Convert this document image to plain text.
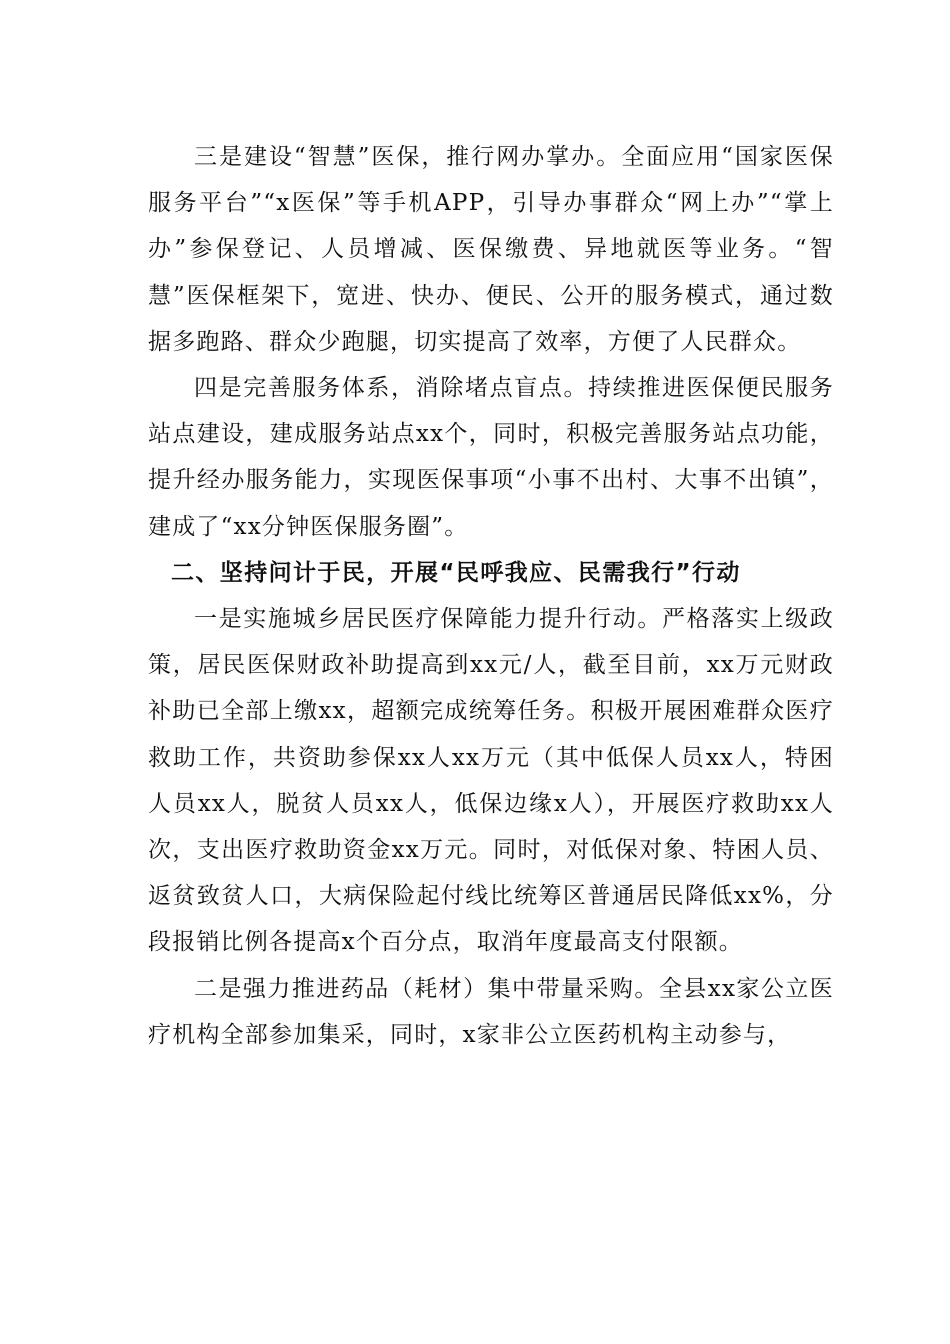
三是建设“智慧”医保，推行网办掌办。全面应用“国家医保服务平台”“x医保”等手机APP，引导办事群众“网上办”“掌上办”参保登记、人员增减、医保缴费、异地就医等业务。“智慧”医保框架下，宽进、快办、便民、公开的服务模式，通过数据多跑路、群众少跑腿，切实提高了效率，方便了人民群众。

四是完善服务体系，消除堵点盲点。持续推进医保便民服务站点建设，建成服务站点xx个，同时，积极完善服务站点功能，提升经办服务能力，实现医保事项“小事不出村、大事不出镇”，建成了“xx分钟医保服务圈”。

二、坚持问计于民，开展“民呼我应、民需我行”行动

一是实施城乡居民医疗保障能力提升行动。严格落实上级政策，居民医保财政补助提高到xx元/人，截至目前，xx万元财政补助已全部上缴xx，超额完成统筹任务。积极开展困难群众医疗救助工作，共资助参保xx人xx万元（其中低保人员xx人，特困人员xx人，脱贫人员xx人，低保边缘x人），开展医疗救助xx人次，支出医疗救助资金xx万元。同时，对低保对象、特困人员、返贫致贫人口，大病保险起付线比统筹区普通居民降低xx%，分段报销比例各提高x个百分点，取消年度最高支付限额。

二是强力推进药品（耗材）集中带量采购。全县xx家公立医疗机构全部参加集采，同时，x家非公立医药机构主动参与，
